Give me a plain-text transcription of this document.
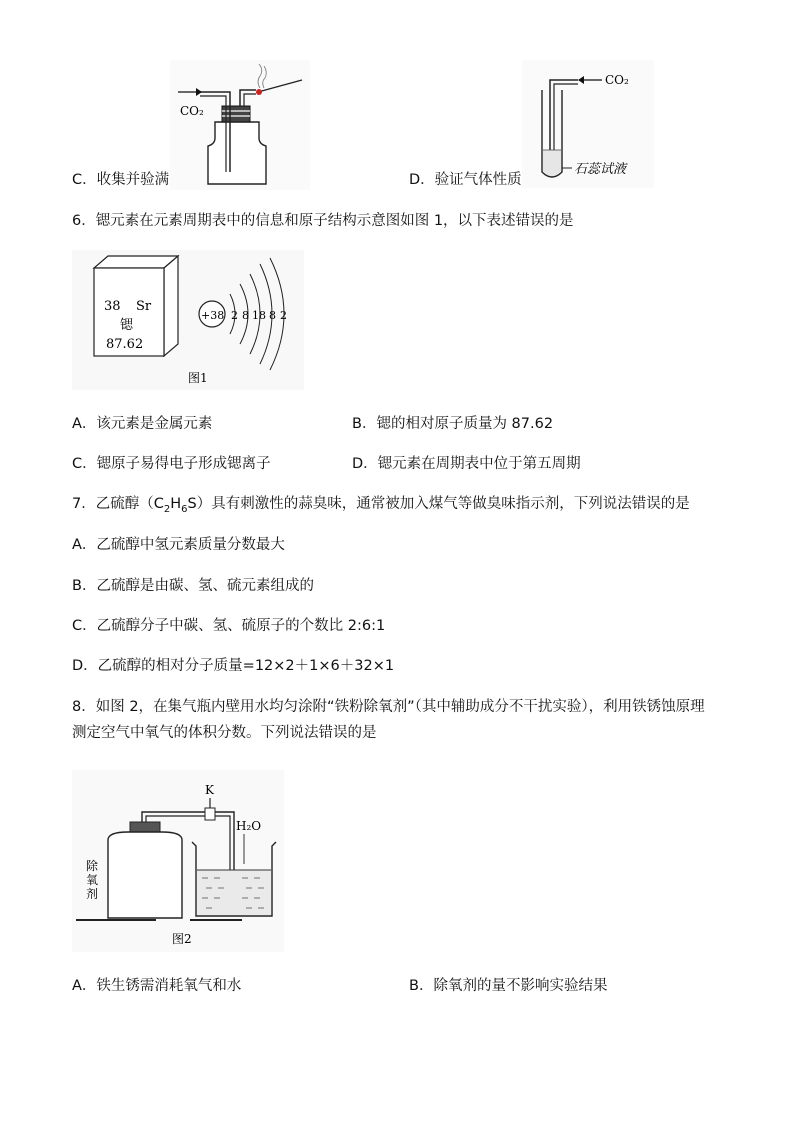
C．收集并验满	D．验证气体性质
CO₂
CO₂
石蕊试液
6．锶元素在元素周期表中的信息和原子结构示意图如图 1，以下表述错误的是
38 Sr
锶
87.62
+38 2 8 18 8 2
图1
A．该元素是金属元素	B．锶的相对原子质量为 87.62
C．锶原子易得电子形成锶离子	D．锶元素在周期表中位于第五周期
7．乙硫醇$(C_2H_6S)$具有刺激性的蒜臭味，通常被加入煤气等做臭味指示剂，下列说法错误的是
A．乙硫醇中氢元素质量分数最大
B．乙硫醇是由碳、氢、硫元素组成的
C．乙硫醇分子中碳、氢、硫原子的个数比 2:6:1
D．乙硫醇的相对分子质量=12×2＋1×6＋32×1
8．如图 2，在集气瓶内壁用水均匀涂附“铁粉除氧剂”（其中辅助成分不干扰实验），利用铁锈蚀原理
测定空气中氧气的体积分数。下列说法错误的是
除
氧
剂
K
H₂O
图2
A．铁生锈需消耗氧气和水	B．除氧剂的量不影响实验结果
